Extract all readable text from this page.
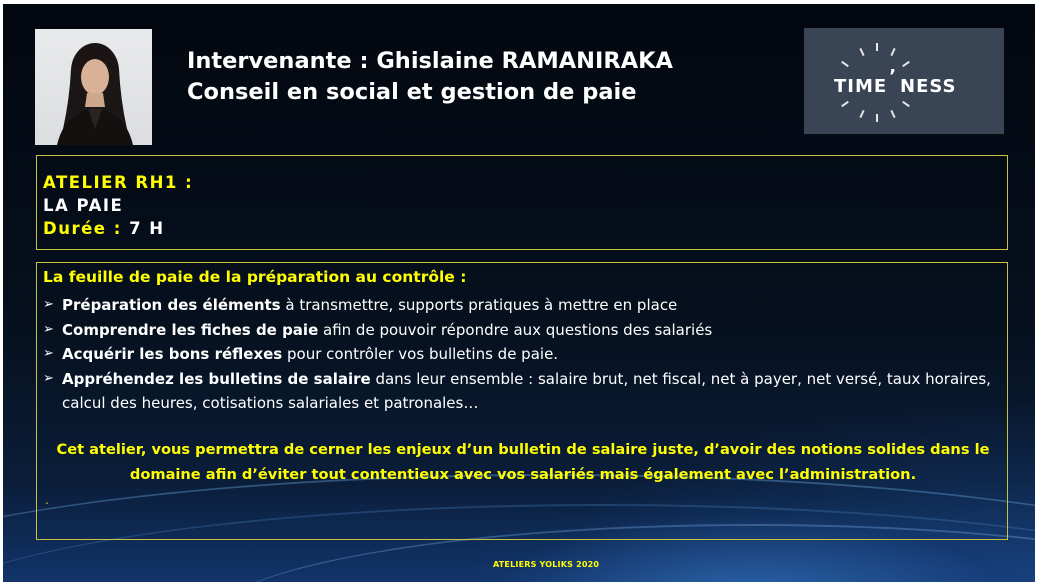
Intervenante : Ghislaine RAMANIRAKA
Conseil en social et gestion de paie	TIME ʼ NESS
ATELIER RH1 :
LA PAIE
Durée : 7 H
La feuille de paie de la préparation au contrôle :
➢ Préparation des éléments à transmettre, supports pratiques à mettre en place
➢ Comprendre les fiches de paie afin de pouvoir répondre aux questions des salariés
➢ Acquérir les bons réflexes pour contrôler vos bulletins de paie.
➢ Appréhendez les bulletins de salaire dans leur ensemble : salaire brut, net fiscal, net à payer, net versé, taux horaires, calcul des heures, cotisations salariales et patronales…
Cet atelier, vous permettra de cerner les enjeux d’un bulletin de salaire juste, d’avoir des notions solides dans le domaine afin d’éviter tout contentieux avec vos salariés mais également avec l’administration.
.
ATELIERS YOLIKS 2020
